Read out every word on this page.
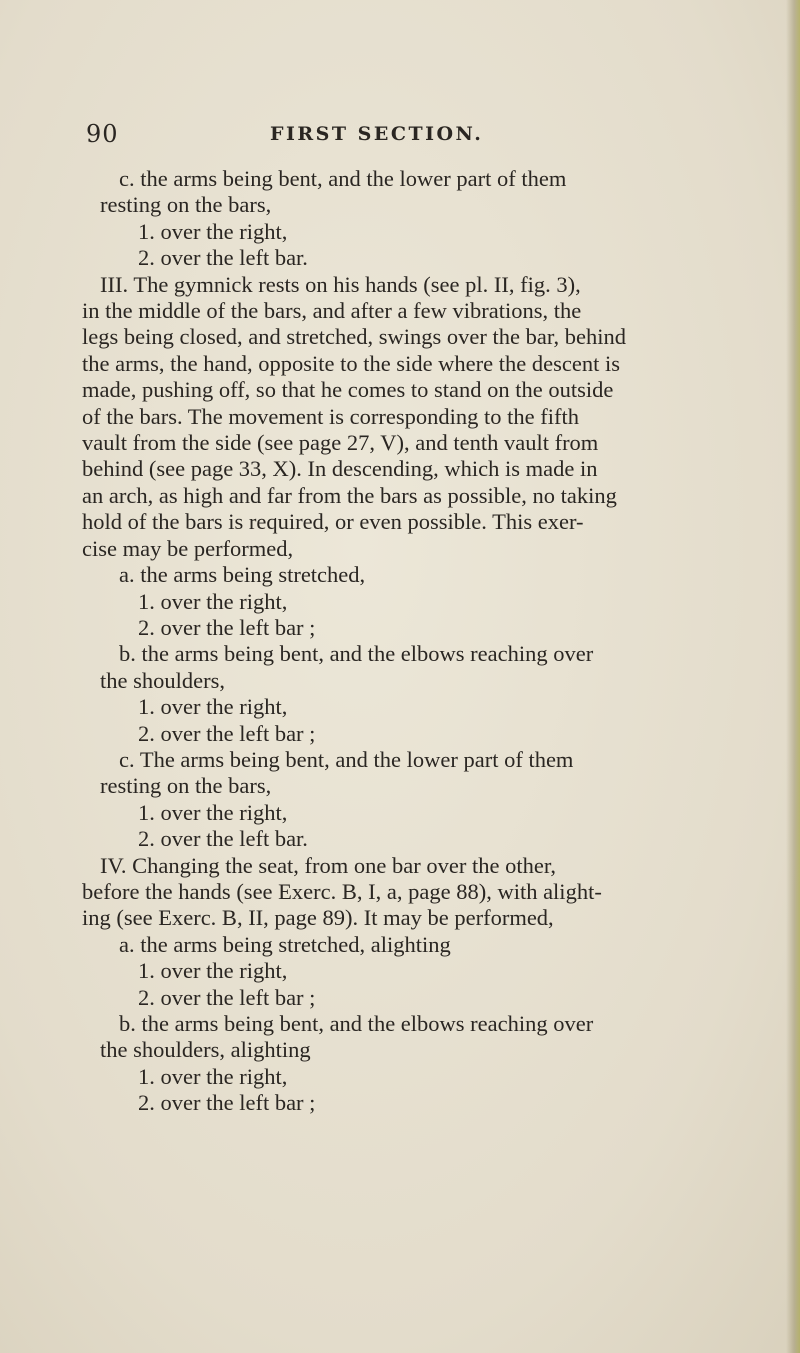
90	FIRST SECTION.
c. the arms being bent, and the lower part of them
resting on the bars,
1. over the right,
2. over the left bar.
III. The gymnick rests on his hands (see pl. II, fig. 3),
in the middle of the bars, and after a few vibrations, the
legs being closed, and stretched, swings over the bar, behind
the arms, the hand, opposite to the side where the descent is
made, pushing off, so that he comes to stand on the outside
of the bars. The movement is corresponding to the fifth
vault from the side (see page 27, V), and tenth vault from
behind (see page 33, X). In descending, which is made in
an arch, as high and far from the bars as possible, no taking
hold of the bars is required, or even possible. This exer-
cise may be performed,
a. the arms being stretched,
1. over the right,
2. over the left bar ;
b. the arms being bent, and the elbows reaching over
the shoulders,
1. over the right,
2. over the left bar ;
c. The arms being bent, and the lower part of them
resting on the bars,
1. over the right,
2. over the left bar.
IV. Changing the seat, from one bar over the other,
before the hands (see Exerc. B, I, a, page 88), with alight-
ing (see Exerc. B, II, page 89). It may be performed,
a. the arms being stretched, alighting
1. over the right,
2. over the left bar ;
b. the arms being bent, and the elbows reaching over
the shoulders, alighting
1. over the right,
2. over the left bar ;
